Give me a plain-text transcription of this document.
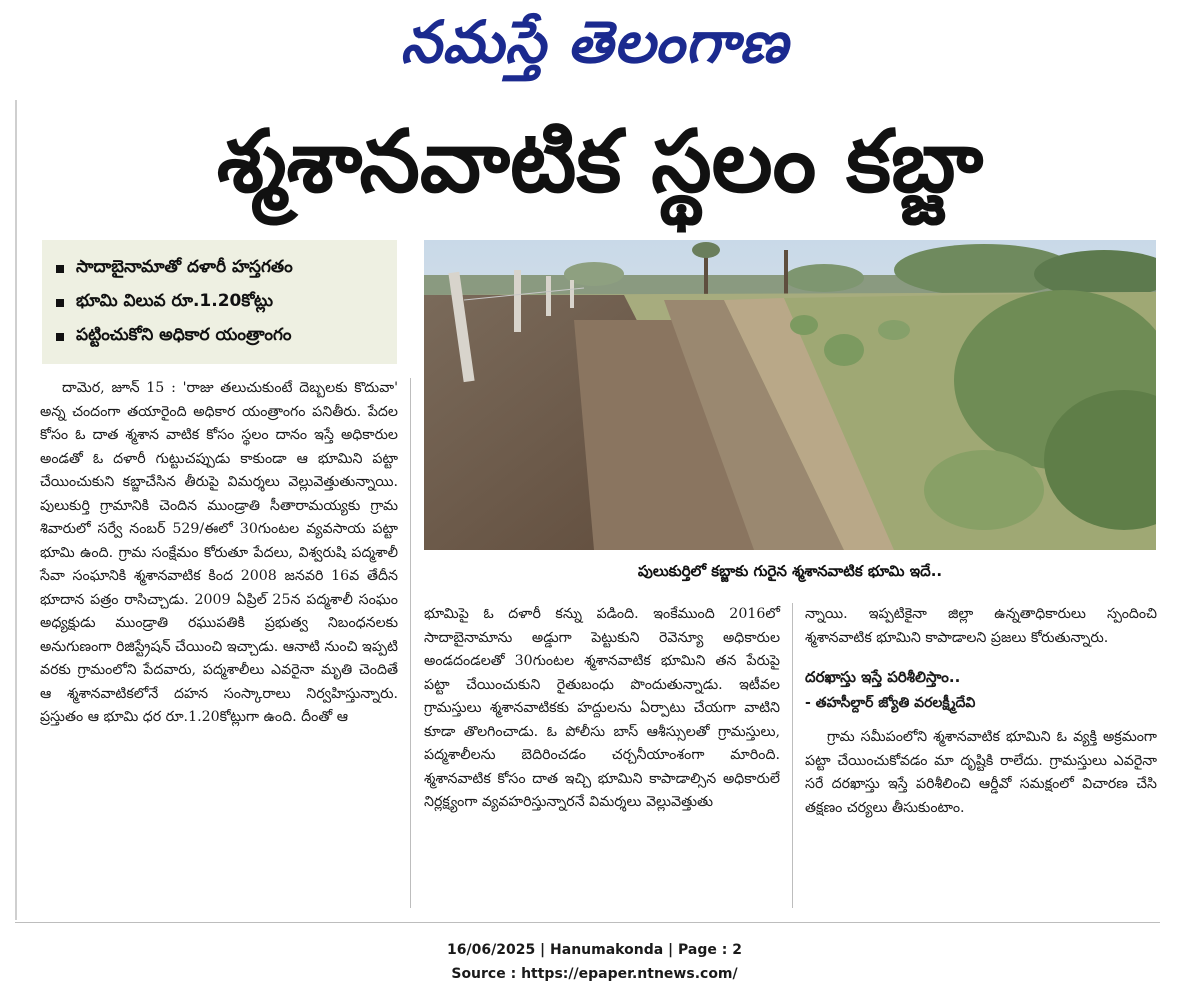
నమస్తే తెలంగాణ
శ్మశానవాటిక స్థలం కబ్జా
సాదాబైనామాతో దళారీ హస్తగతం
భూమి విలువ రూ.1.20కోట్లు
పట్టించుకోని అధికార యంత్రాంగం
పులుకుర్తిలో కబ్జాకు గురైన శ్మశానవాటిక భూమి ఇదే..

దామెర, జూన్ 15 : 'రాజు తలుచుకుంటే దెబ్బలకు కొదువా' అన్న చందంగా తయారైంది అధికార యంత్రాంగం పనితీరు. పేదల కోసం ఓ దాత శ్మశాన వాటిక కోసం స్థలం దానం ఇస్తే అధికారుల అండతో ఓ దళారీ గుట్టుచప్పుడు కాకుండా ఆ భూమిని పట్టా చేయించుకుని కబ్జాచేసిన తీరుపై విమర్శలు వెల్లువెత్తుతున్నాయి. పులుకుర్తి గ్రామానికి చెందిన ముండ్రాతి సీతారామయ్యకు గ్రామ శివారులో సర్వే నంబర్ 529/ఈలో 30గుంటల వ్యవసాయ పట్టా భూమి ఉంది. గ్రామ సంక్షేమం కోరుతూ పేదలు, విశ్వరుషి పద్మశాలీ సేవా సంఘానికి శ్మశానవాటిక కింద 2008 జనవరి 16వ తేదీన భూదాన పత్రం రాసిచ్చాడు. 2009 ఏప్రిల్ 25న పద్మశాలీ సంఘం అధ్యక్షుడు ముండ్రాతి రఘుపతికి ప్రభుత్వ నిబంధనలకు అనుగుణంగా రిజిస్ట్రేషన్ చేయించి ఇచ్చాడు. ఆనాటి నుంచి ఇప్పటి వరకు గ్రామంలోని పేదవారు, పద్మశాలీలు ఎవరైనా మృతి చెందితే ఆ శ్మశానవాటికలోనే దహన సంస్కారాలు నిర్వహిస్తున్నారు. ప్రస్తుతం ఆ భూమి ధర రూ.1.20కోట్లుగా ఉంది. దీంతో ఆ

భూమిపై ఓ దళారీ కన్ను పడింది. ఇంకేముంది 2016లో సాదాబైనామాను అడ్డుగా పెట్టుకుని రెవెన్యూ అధికారుల అండదండలతో 30గుంటల శ్మశానవాటిక భూమిని తన పేరుపై పట్టా చేయించుకుని రైతుబంధు పొందుతున్నాడు. ఇటీవల గ్రామస్తులు శ్మశానవాటికకు హద్దులను ఏర్పాటు చేయగా వాటిని కూడా తొలగించాడు. ఓ పోలీసు బాస్ ఆశీస్సులతో గ్రామస్తులు, పద్మశాలీలను బెదిరించడం చర్చనీయాంశంగా మారింది. శ్మశానవాటిక కోసం దాత ఇచ్చి భూమిని కాపాడాల్సిన అధికారులే నిర్లక్ష్యంగా వ్యవహరిస్తున్నారనే విమర్శలు వెల్లువెత్తుతు

న్నాయి. ఇప్పటికైనా జిల్లా ఉన్నతాధికారులు స్పందించి శ్మశానవాటిక భూమిని కాపాడాలని ప్రజలు కోరుతున్నారు.

దరఖాస్తు ఇస్తే పరిశీలిస్తాం..

- తహసీల్దార్ జ్యోతి వరలక్ష్మీదేవి

గ్రామ సమీపంలోని శ్మశానవాటిక భూమిని ఓ వ్యక్తి అక్రమంగా పట్టా చేయించుకోవడం మా దృష్టికి రాలేదు. గ్రామస్తులు ఎవరైనా సరే దరఖాస్తు ఇస్తే పరిశీలించి ఆర్డీవో సమక్షంలో విచారణ చేసి తక్షణం చర్యలు తీసుకుంటాం.

16/06/2025 | Hanumakonda | Page : 2
Source : https://epaper.ntnews.com/
